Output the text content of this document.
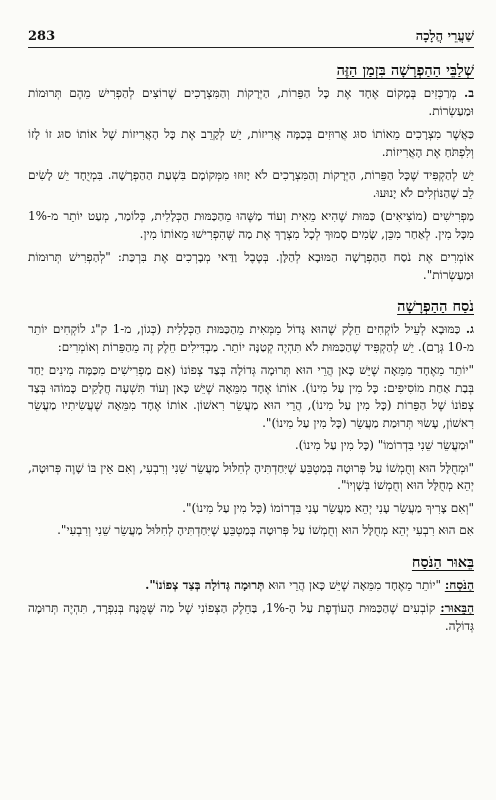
283	שַׁעֲרֵי הֲלָכָה
שְׁלַבֵּי הַהַפְרָשָׁה בִּזְמַן הַזֶּה

ב. מְרַכְּזִים בְּמָקוֹם אֶחָד אֶת כָּל הַפֵּרוֹת, הַיְּרָקוֹת וְהַמִּצְרָכִים שֶׁרוֹצִים לְהַפְרִישׁ מֵהֶם תְּרוּמוֹת וּמַעַשְׂרוֹת.

כַּאֲשֶׁר מִצְרָכִים מֵאוֹתוֹ סוּג אֲרוּזִים בְּכַמָּה אֲרִיזוֹת, יֵשׁ לְקָרֵב אֶת כָּל הָאֲרִיזוֹת שֶׁל אוֹתוֹ סוּג זוֹ לָזוֹ וְלִפְתֹּחַ אֶת הָאֲרִיזוֹת.

יֵשׁ לְהַקְפִּיד שֶׁכָּל הַפֵּרוֹת, הַיְּרָקוֹת וְהַמִּצְרָכִים לֹא יָזוּזוּ מִמְּקוֹמָם בִּשְׁעַת הַהַפְרָשָׁה. בִּמְיֻחָד יֵשׁ לָשִׂים לֵב שֶׁהַנּוֹזְלִים לֹא יָנוּעוּ.

מַפְרִישִׁים (מוֹצִיאִים) כַּמּוּת שֶׁהִיא מֵאִית וְעוֹד מַשֶּׁהוּ מֵהַכַּמּוּת הַכְּלָלִית, כְּלוֹמַר, מְעַט יוֹתֵר מ-1% מִכָּל מִין. לְאַחַר מִכֵּן, שָׂמִים סָמוּךְ לְכָל מִצְרָךְ אֶת מַה שֶּׁהִפְרִישׁוּ מֵאוֹתוֹ מִין.

אוֹמְרִים אֶת נֹסַח הַהַפְרָשָׁה הַמּוּבָא לְהַלָּן. בְּטֶבֶל וַדַּאי מְבָרְכִים אֶת בִּרְכַּת: "לְהַפְרִישׁ תְּרוּמוֹת וּמַעַשְׂרוֹת".

נֹסַח הַהַפְרָשָׁה

ג. כַּמּוּבָא לְעֵיל לוֹקְחִים חֵלֶק שֶׁהוּא גָּדוֹל מֵמְּאִית מֵהַכַּמּוּת הַכְּלָלִית (כְּגוֹן, מ-1 ק"ג לוֹקְחִים יוֹתֵר מ-10 גְּרָם). יֵשׁ לְהַקְפִּיד שֶׁהַכַּמּוּת לֹא תִּהְיֶה קְטַנָּה יוֹתֵר. מַבְדִּילִים חֵלֶק זֶה מֵהַפֵּרוֹת וְאוֹמְרִים:

"יוֹתֵר מֵאֶחָד מִמֵּאָה שֶׁיֵּשׁ כָּאן הֲרֵי הוּא תְּרוּמָה גְּדוֹלָה בְּצַד צְפוֹנוֹ (אִם מַפְרִישִׁים מִכַּמָּה מִינִים יַחַד בְּבַת אַחַת מוֹסִיפִים: כָּל מִין עַל מִינוֹ). אוֹתוֹ אֶחָד מִמֵּאָה שֶׁיֵּשׁ כָּאן וְעוֹד תִּשְׁעָה חֲלָקִים כָּמוֹהוּ בְּצַד צְפוֹנוֹ שֶׁל הַפֵּרוֹת (כָּל מִין עַל מִינוֹ), הֲרֵי הוּא מַעֲשֵׂר רִאשׁוֹן. אוֹתוֹ אֶחָד מִמֵּאָה שֶׁעֲשִׂיתִיו מַעֲשֵׂר רִאשׁוֹן, עָשׂוּי תְּרוּמַת מַעֲשֵׂר (כָּל מִין עַל מִינוֹ)".

"וּמַעֲשֵׂר שֵׁנִי בִּדְרוֹמוֹ" (כָּל מִין עַל מִינוֹ).

"וּמְחֻלָּל הוּא וְחֻמְשׁוֹ עַל פְּרוּטָה בְּמַטְבֵּעַ שֶׁיִּחַדְתִּיהָ לְחִלּוּל מַעֲשֵׂר שֵׁנִי וְרִבְעִי, וְאִם אֵין בּוֹ שָׁוֶה פְּרוּטָה, יְהֵא מְחֻלָּל הוּא וְחֻמְשׁוֹ בְּשָׁוְיוֹ".

"וְאִם צָרִיךְ מַעֲשֵׂר עָנִי יְהֵא מַעֲשֵׂר עָנִי בִּדְרוֹמוֹ (כָּל מִין עַל מִינוֹ)".

אִם הוּא רִבְעִי יְהֵא מְחֻלָּל הוּא וְחֻמְשׁוֹ עַל פְּרוּטָה בְּמַטְבֵּעַ שֶׁיִּחַדְתִּיהָ לְחִלּוּל מַעֲשֵׂר שֵׁנִי וְרִבְעִי".

בֵּאוּר הַנֹּסַח

הַנֹּסַח: "יוֹתֵר מֵאֶחָד מִמֵּאָה שֶׁיֵּשׁ כָּאן הֲרֵי הוּא תְּרוּמָה גְּדוֹלָה בְּצַד צְפוֹנוֹ".

הַבֵּאוּר: קוֹבְעִים שֶׁהַכַּמּוּת הָעוֹדֶפֶת עַל הָ-1%, בַּחֵלֶק הַצְּפוֹנִי שֶׁל מַה שֶּׁמֻּנָּח בְּנִפְרָד, תִּהְיֶה תְּרוּמָה גְּדוֹלָה.
